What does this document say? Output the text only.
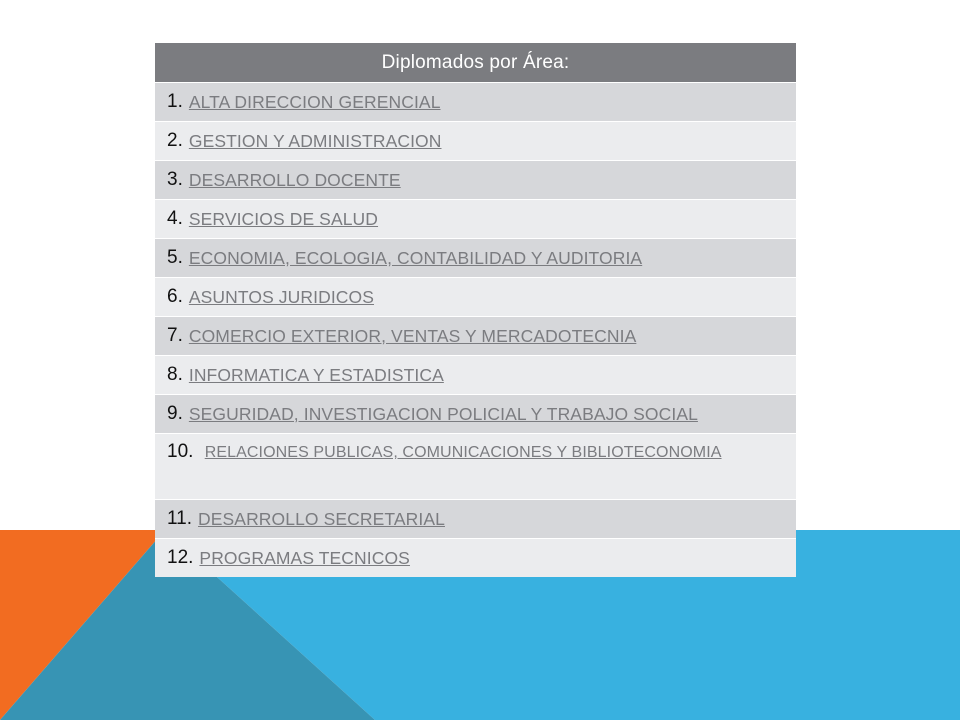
Diplomados por Área:
1. ALTA DIRECCION GERENCIAL
2. GESTION Y ADMINISTRACION
3. DESARROLLO DOCENTE
4. SERVICIOS DE SALUD
5. ECONOMIA, ECOLOGIA, CONTABILIDAD Y AUDITORIA
6. ASUNTOS JURIDICOS
7. COMERCIO EXTERIOR, VENTAS Y MERCADOTECNIA
8. INFORMATICA Y ESTADISTICA
9. SEGURIDAD, INVESTIGACION POLICIAL Y TRABAJO SOCIAL
10. RELACIONES PUBLICAS, COMUNICACIONES Y BIBLIOTECONOMIA
11. DESARROLLO SECRETARIAL
12. PROGRAMAS TECNICOS
